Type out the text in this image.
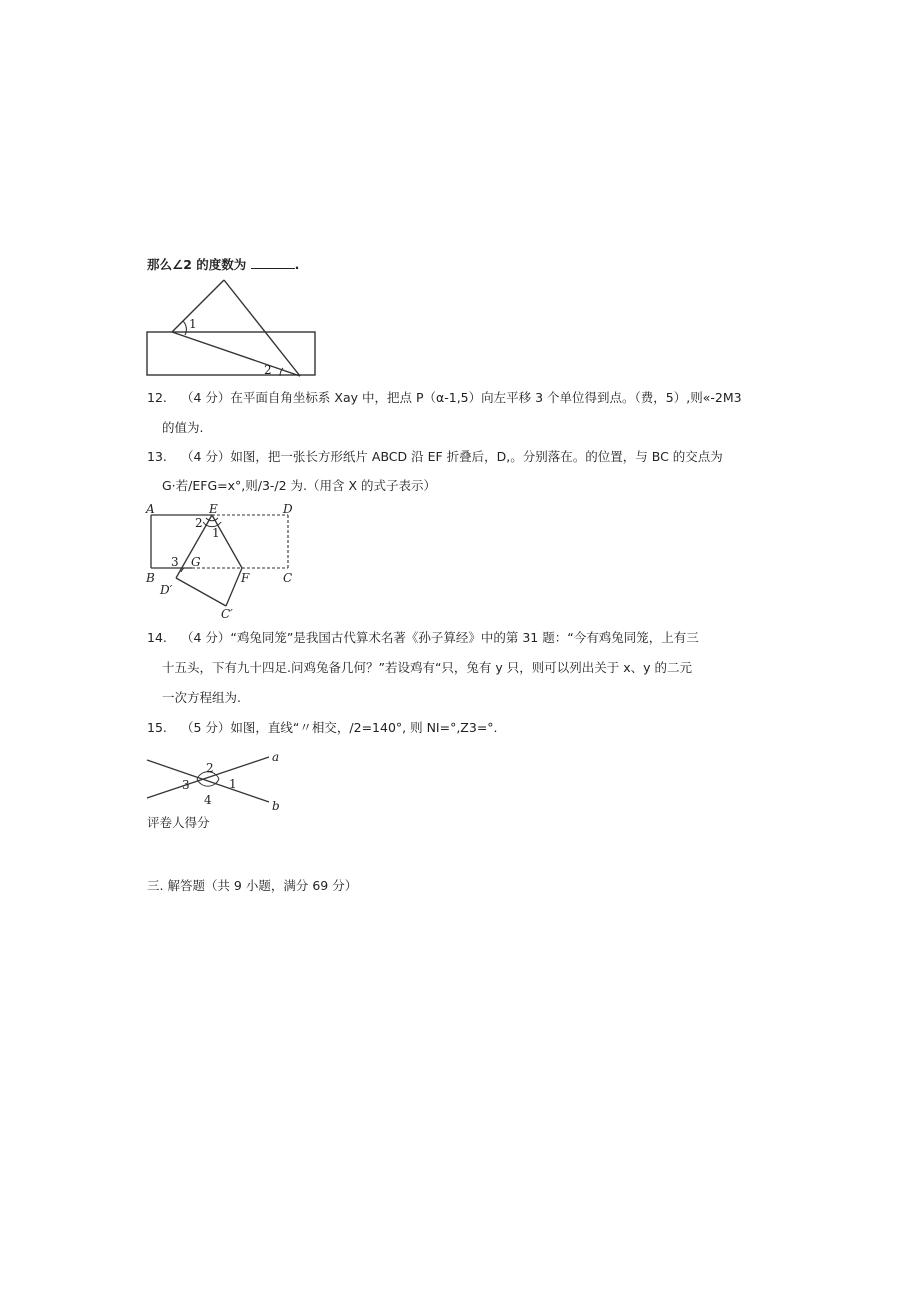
那么∠2 的度数为	.
1
2
12. （4 分）在平面自角坐标系 Xay 中，把点 P（α-1,5）向左平移 3 个单位得到点。（费，5）,则«-2M3
的值为.
13. （4 分）如图，把一张长方形纸片 ABCD 沿 EF 折叠后，D,。分别落在。的位置，与 BC 的交点为
G·若∕EFG=x°,则/3-/2 为.（用含 X 的式子表示）
A	E	D
B
G
F	C
D′
C′
1
2
3
14. （4 分）“鸡兔同笼”是我国古代算术名著《孙子算经》中的第 31 题：“今有鸡兔同笼，上有三
十五头，下有九十四足.问鸡兔备几何？”若设鸡有“只，兔有 y 只，则可以列出关于 x、y 的二元
一次方程组为.
15. （5 分）如图，直线“〃相交，/2=140°, 则 NI=°,Z3=°.
a
b
2
3	1
4
评卷人得分
三. 解答题（共 9 小题，满分 69 分）
